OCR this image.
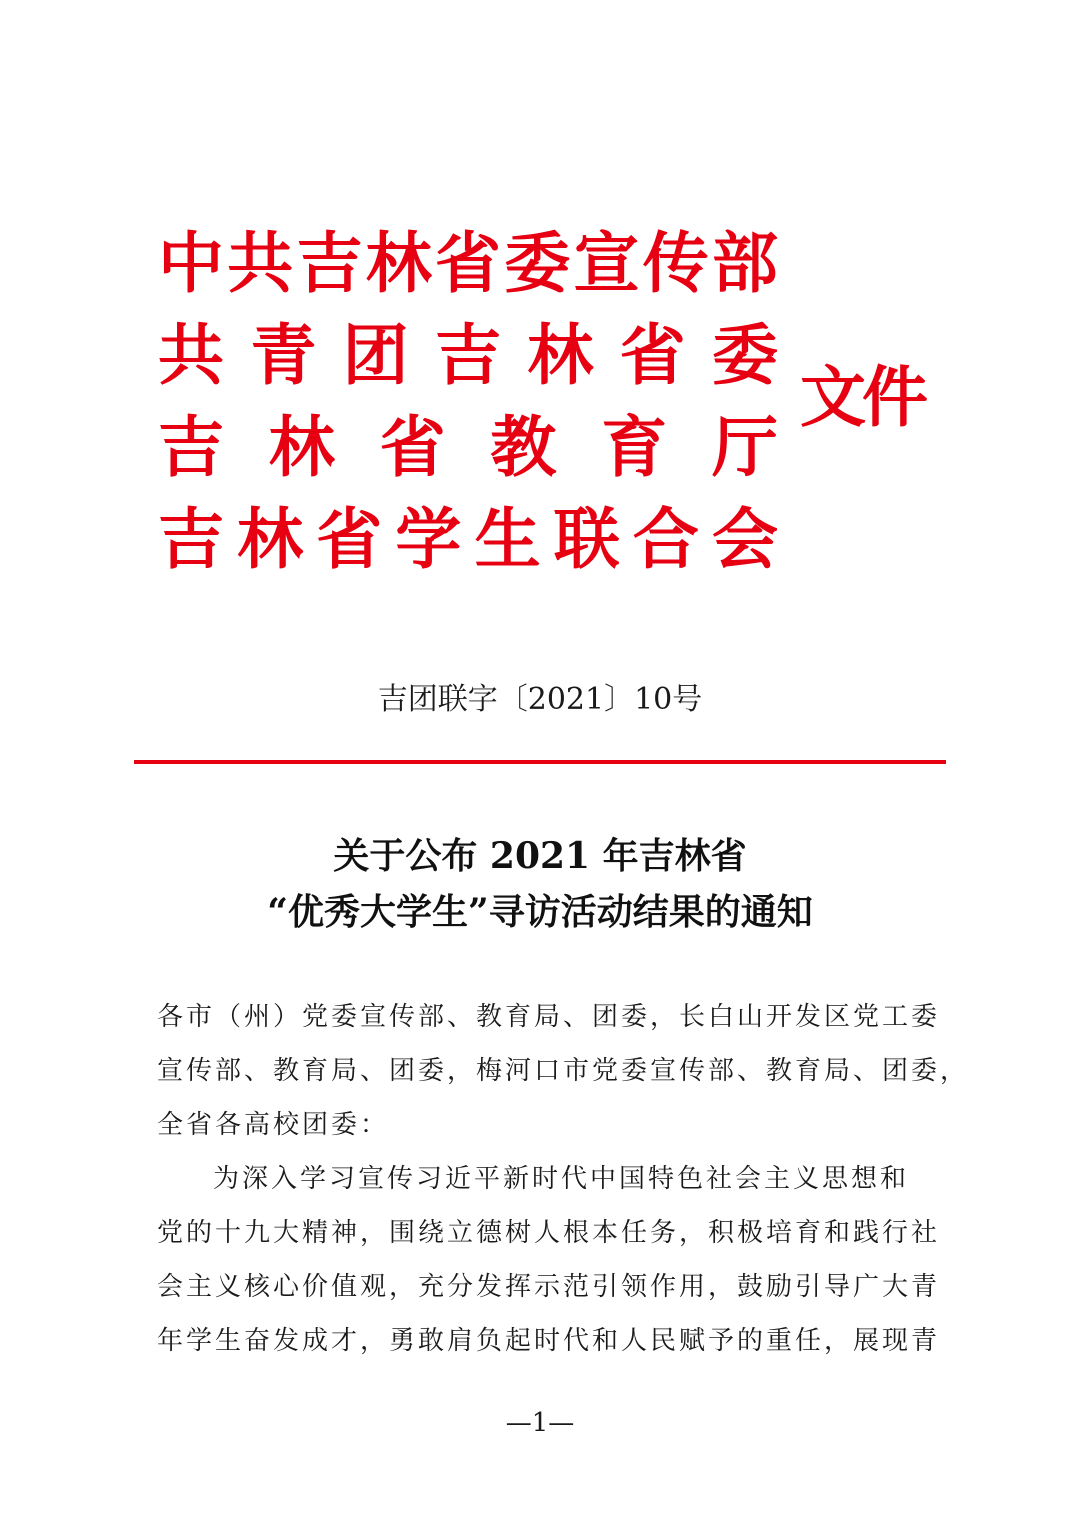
中 共 吉 林 省 委 宣 传 部
共 青 团 吉 林 省 委
吉 林 省 教 育 厅
吉 林 省 学 生 联 合 会
文件
吉团联字〔2021〕10号
关于公布 2021 年吉林省
“优秀大学生”寻访活动结果的通知
各市（州）党委宣传部、教育局、团委，长白山开发区党工委
宣传部、教育局、团委，梅河口市党委宣传部、教育局、团委，
全省各高校团委：
为深入学习宣传习近平新时代中国特色社会主义思想和
党的十九大精神，围绕立德树人根本任务，积极培育和践行社
会主义核心价值观，充分发挥示范引领作用，鼓励引导广大青
年学生奋发成才，勇敢肩负起时代和人民赋予的重任，展现青
—1—
